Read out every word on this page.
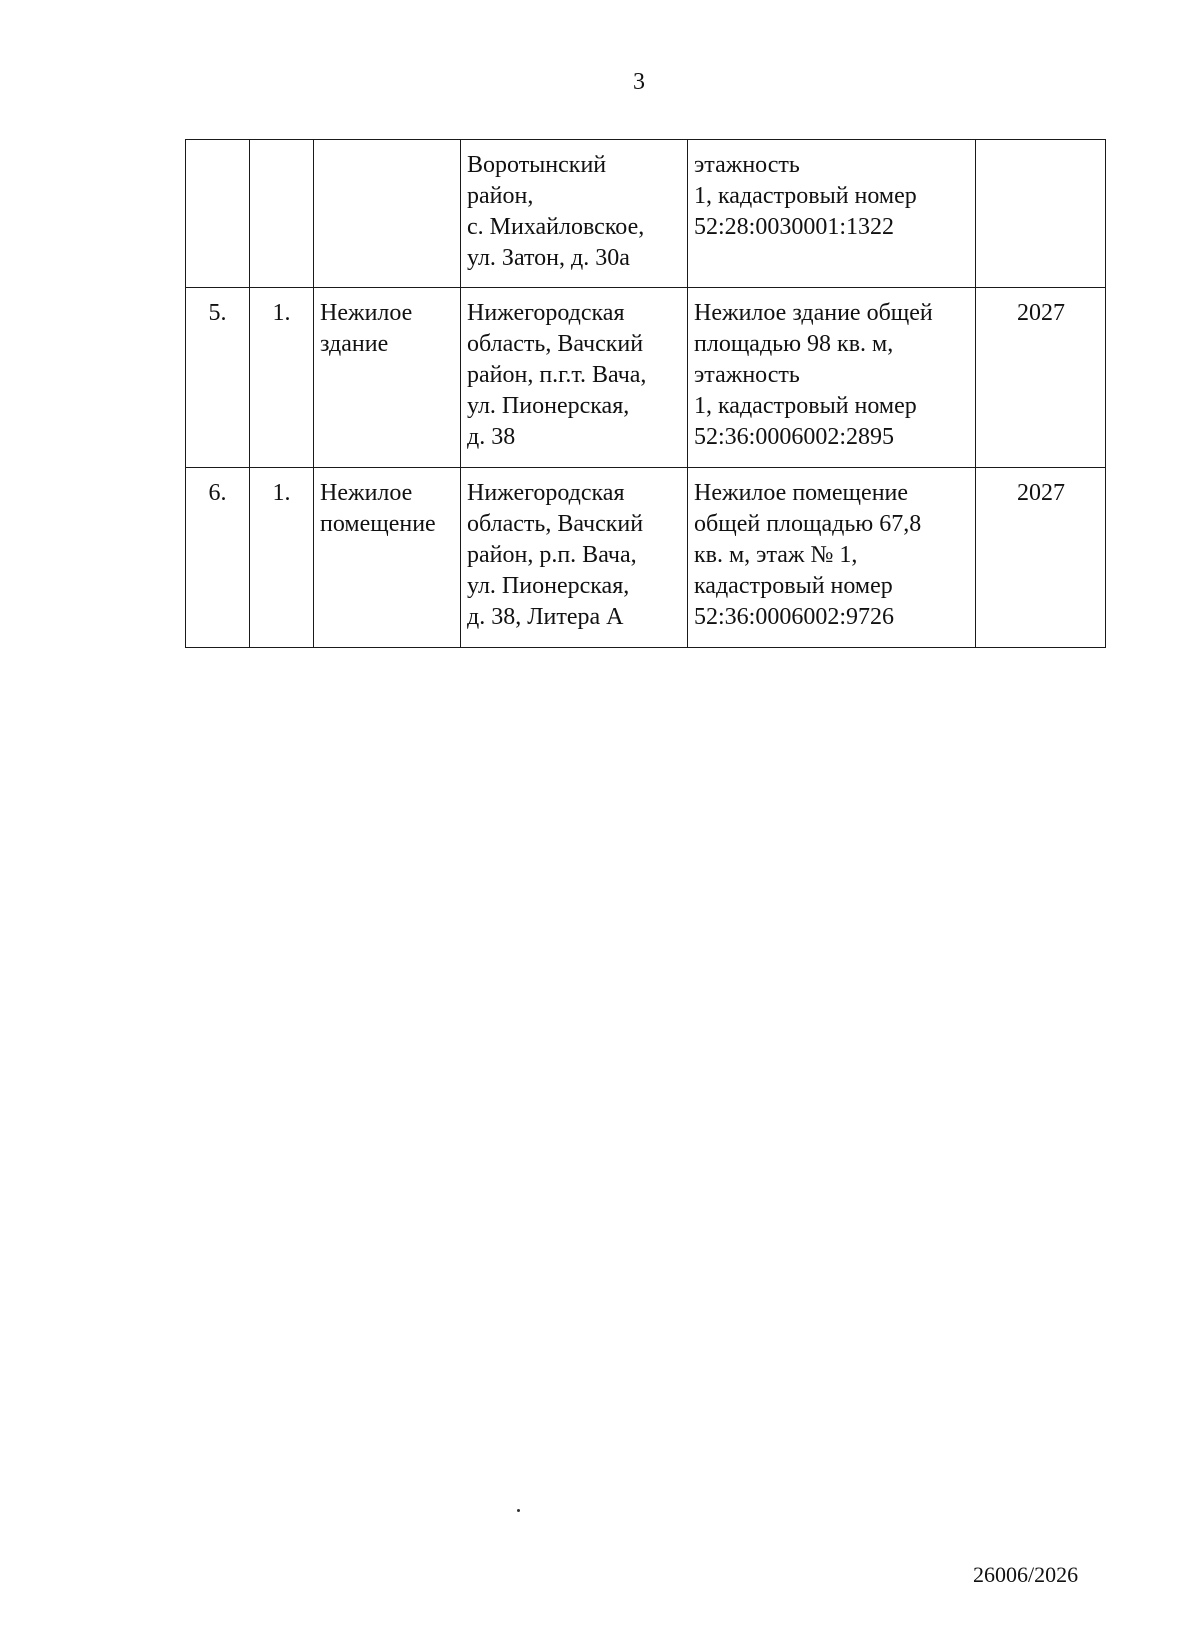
3
			Воротынский
район,
с. Михайловское,
ул. Затон, д. 30а	этажность
1, кадастровый номер
52:28:0030001:1322	
5.	1.	Нежилое
здание	Нижегородская
область, Вачский
район, п.г.т. Вача,
ул. Пионерская,
д. 38	Нежилое здание общей
площадью 98 кв. м,
этажность
1, кадастровый номер
52:36:0006002:2895	2027
6.	1.	Нежилое
помещение	Нижегородская
область, Вачский
район, р.п. Вача,
ул. Пионерская,
д. 38, Литера А	Нежилое помещение
общей площадью 67,8
кв. м, этаж № 1,
кадастровый номер
52:36:0006002:9726	2027
26006/2026
